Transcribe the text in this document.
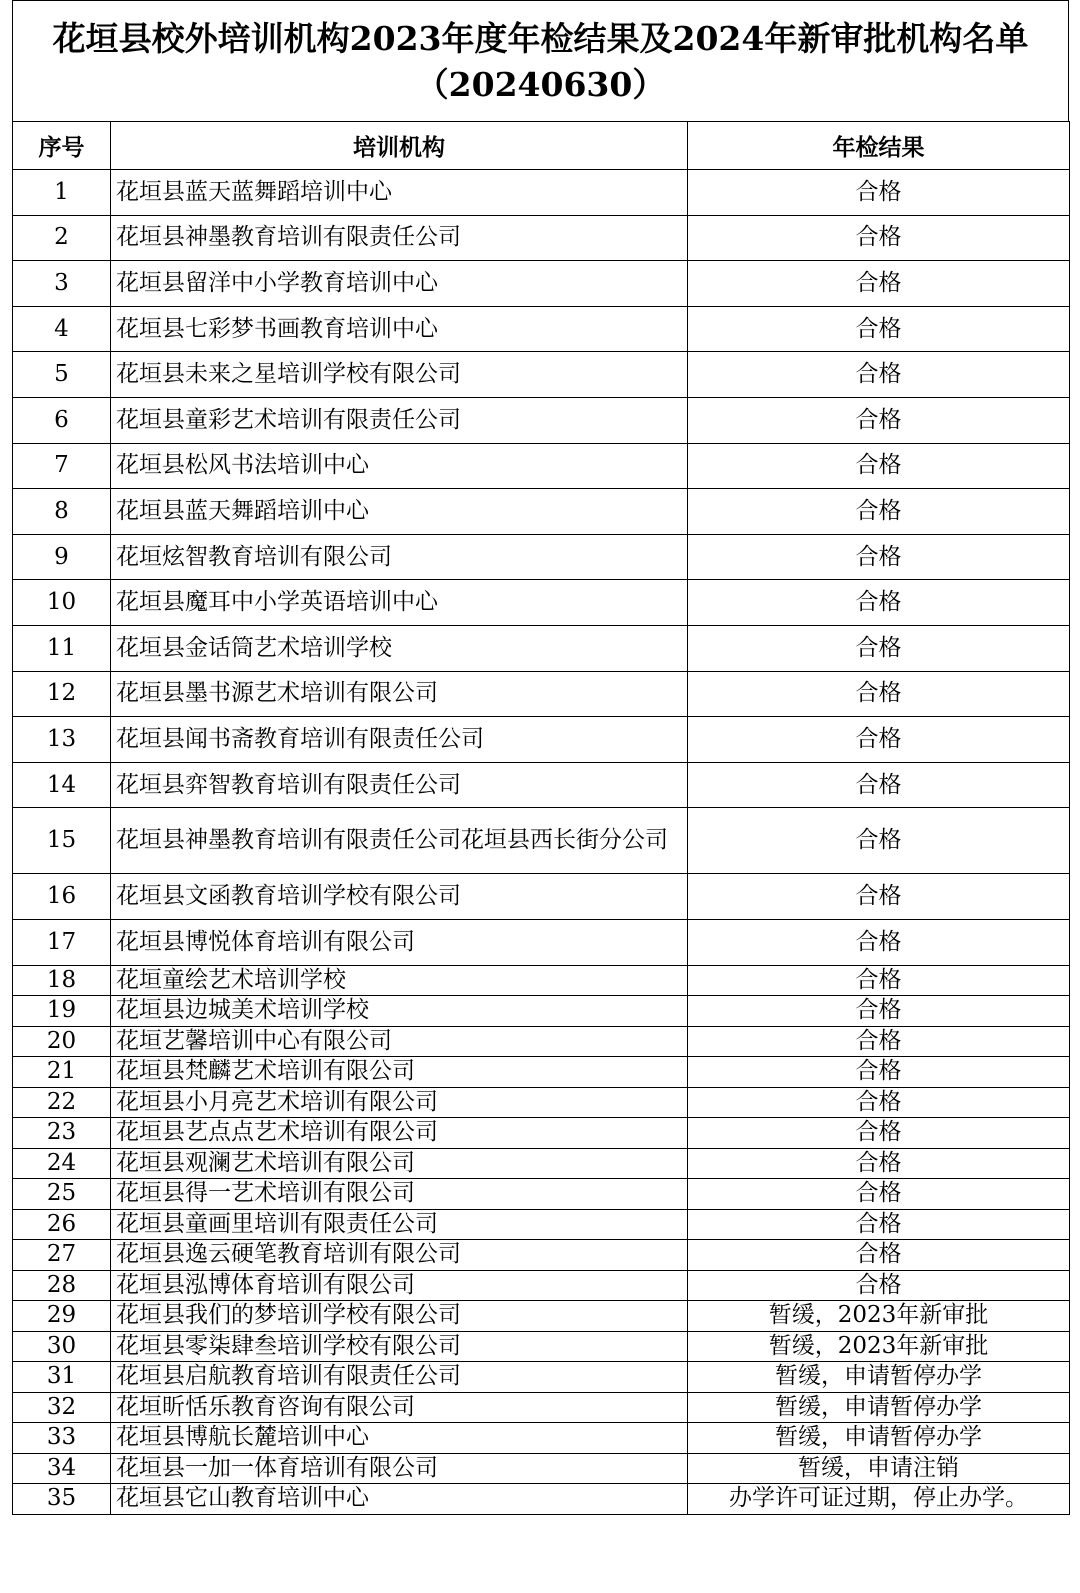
花垣县校外培训机构2023年度年检结果及2024年新审批机构名单（20240630）
序号	培训机构	年检结果
1	花垣县蓝天蓝舞蹈培训中心	合格
2	花垣县神墨教育培训有限责任公司	合格
3	花垣县留洋中小学教育培训中心	合格
4	花垣县七彩梦书画教育培训中心	合格
5	花垣县未来之星培训学校有限公司	合格
6	花垣县童彩艺术培训有限责任公司	合格
7	花垣县松风书法培训中心	合格
8	花垣县蓝天舞蹈培训中心	合格
9	花垣炫智教育培训有限公司	合格
10	花垣县魔耳中小学英语培训中心	合格
11	花垣县金话筒艺术培训学校	合格
12	花垣县墨书源艺术培训有限公司	合格
13	花垣县闻书斋教育培训有限责任公司	合格
14	花垣县弈智教育培训有限责任公司	合格
15	花垣县神墨教育培训有限责任公司花垣县西长街分公司	合格
16	花垣县文函教育培训学校有限公司	合格
17	花垣县博悦体育培训有限公司	合格
18	花垣童绘艺术培训学校	合格
19	花垣县边城美术培训学校	合格
20	花垣艺馨培训中心有限公司	合格
21	花垣县梵麟艺术培训有限公司	合格
22	花垣县小月亮艺术培训有限公司	合格
23	花垣县艺点点艺术培训有限公司	合格
24	花垣县观澜艺术培训有限公司	合格
25	花垣县得一艺术培训有限公司	合格
26	花垣县童画里培训有限责任公司	合格
27	花垣县逸云硬笔教育培训有限公司	合格
28	花垣县泓博体育培训有限公司	合格
29	花垣县我们的梦培训学校有限公司	暂缓，2023年新审批
30	花垣县零柒肆叁培训学校有限公司	暂缓，2023年新审批
31	花垣县启航教育培训有限责任公司	暂缓，申请暂停办学
32	花垣昕恬乐教育咨询有限公司	暂缓，申请暂停办学
33	花垣县博航长麓培训中心	暂缓，申请暂停办学
34	花垣县一加一体育培训有限公司	暂缓，申请注销
35	花垣县它山教育培训中心	办学许可证过期，停止办学。
